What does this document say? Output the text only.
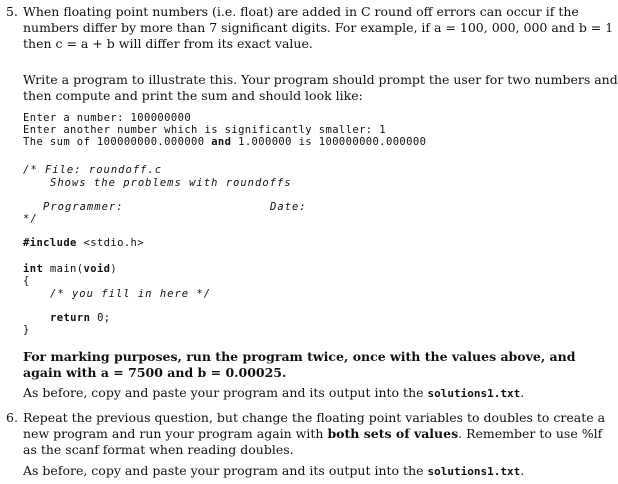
5. When floating point numbers (i.e. float) are added in C round off errors can occur if the
numbers differ by more than 7 significant digits. For example, if a = 100, 000, 000 and b = 1
then c = a + b will differ from its exact value.
Write a program to illustrate this. Your program should prompt the user for two numbers and
then compute and print the sum and should look like:
Enter a number: 100000000
Enter another number which is significantly smaller: 1
The sum of 100000000.000000 and 1.000000 is 100000000.000000
/* File: roundoff.c
Shows the problems with roundoffs
Programmer:	Date:
*/
#include <stdio.h>
int main(void)
{
/* you fill in here */
return 0;
}
For marking purposes, run the program twice, once with the values above, and
again with a = 7500 and b = 0.00025.
As before, copy and paste your program and its output into the solutions1.txt.
6. Repeat the previous question, but change the floating point variables to doubles to create a
new program and run your program again with both sets of values. Remember to use %lf
as the scanf format when reading doubles.
As before, copy and paste your program and its output into the solutions1.txt.
